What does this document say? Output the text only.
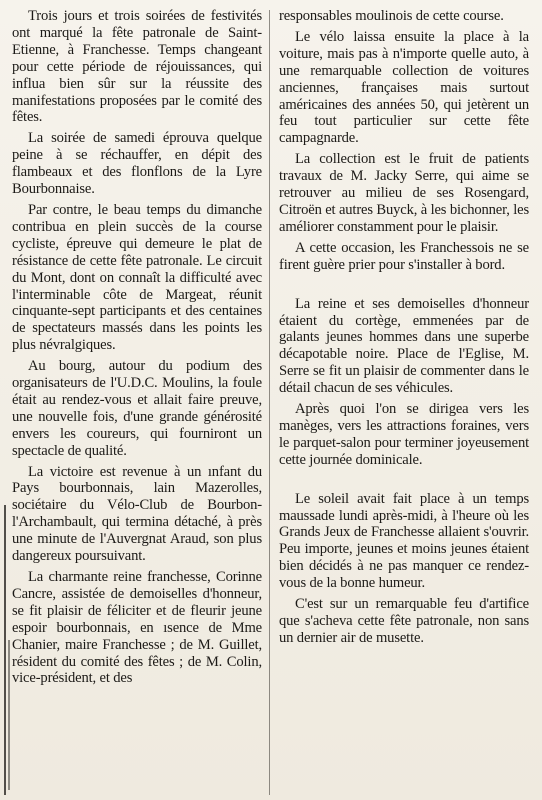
Trois jours et trois soirées de festivités ont marqué la fête patronale de Saint-Etienne, à Franchesse. Temps changeant pour cette période de réjouissances, qui influa bien sûr sur la réussite des manifestations proposées par le comité des fêtes.

La soirée de samedi éprouva quelque peine à se réchauffer, en dépit des flambeaux et des flonflons de la Lyre Bourbonnaise.

Par contre, le beau temps du dimanche contribua en plein succès de la course cycliste, épreuve qui demeure le plat de résistance de cette fête patronale. Le circuit du Mont, dont on connaît la difficulté avec l'interminable côte de Margeat, réunit cinquante-sept participants et des centaines de spectateurs massés dans les points les plus névralgiques.

Au bourg, autour du podium des organisateurs de l'U.D.C. Moulins, la foule était au rendez-vous et allait faire preuve, une nouvelle fois, d'une grande générosité envers les coureurs, qui fourniront un spectacle de qualité.

La victoire est revenue à un ınfant du Pays bourbonnais, lain Mazerolles, sociétaire du Vélo-Club de Bourbon-l'Archambault, qui termina détaché, à près une minute de l'Auvergnat Araud, son plus dangereux poursuivant.

La charmante reine franchesse, Corinne Cancre, assistée de demoiselles d'honneur, se fit plaisir de féliciter et de fleurir jeune espoir bourbonnais, en ısence de Mme Chanier, maire Franchesse ; de M. Guillet, résident du comité des fêtes ; de M. Colin, vice-président, et des

responsables moulinois de cette course.

Le vélo laissa ensuite la place à la voiture, mais pas à n'importe quelle auto, à une remarquable collection de voitures anciennes, françaises mais surtout américaines des années 50, qui jetèrent un feu tout particulier sur cette fête campagnarde.

La collection est le fruit de patients travaux de M. Jacky Serre, qui aime se retrouver au milieu de ses Rosengard, Citroën et autres Buyck, à les bichonner, les améliorer constamment pour le plaisir.

A cette occasion, les Franchessois ne se firent guère prier pour s'installer à bord.

La reine et ses demoiselles d'honneur étaient du cortège, emmenées par de galants jeunes hommes dans une superbe décapotable noire. Place de l'Eglise, M. Serre se fit un plaisir de commenter dans le détail chacun de ses véhicules.

Après quoi l'on se dirigea vers les manèges, vers les attractions foraines, vers le parquet-salon pour terminer joyeusement cette journée dominicale.

Le soleil avait fait place à un temps maussade lundi après-midi, à l'heure où les Grands Jeux de Franchesse allaient s'ouvrir. Peu importe, jeunes et moins jeunes étaient bien décidés à ne pas manquer ce rendez-vous de la bonne humeur.

C'est sur un remarquable feu d'artifice que s'acheva cette fête patronale, non sans un dernier air de musette.
